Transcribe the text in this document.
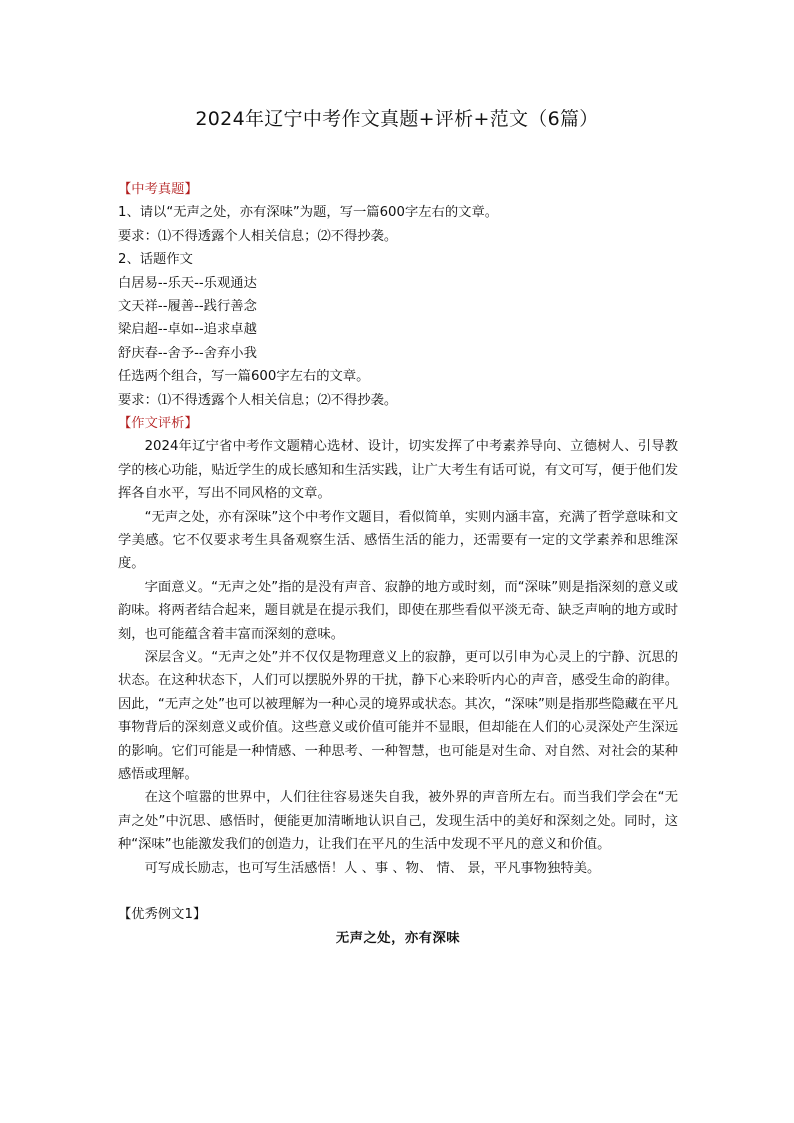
2024年辽宁中考作文真题+评析+范文（6篇）
【中考真题】
1、请以“无声之处，亦有深味”为题，写一篇600字左右的文章。
要求：⑴不得透露个人相关信息；⑵不得抄袭。
2、话题作文
白居易--乐天--乐观通达
文天祥--履善--践行善念
梁启超--卓如--追求卓越
舒庆春--舍予--舍弃小我
任选两个组合，写一篇600字左右的文章。
要求：⑴不得透露个人相关信息；⑵不得抄袭。
【作文评析】

2024年辽宁省中考作文题精心选材、设计，切实发挥了中考素养导向、立德树人、引导教学的核心功能，贴近学生的成长感知和生活实践，让广大考生有话可说，有文可写，便于他们发挥各自水平，写出不同风格的文章。

“无声之处，亦有深味”这个中考作文题目，看似简单，实则内涵丰富，充满了哲学意味和文学美感。它不仅要求考生具备观察生活、感悟生活的能力，还需要有一定的文学素养和思维深度。

字面意义。“无声之处”指的是没有声音、寂静的地方或时刻，而“深味”则是指深刻的意义或韵味。将两者结合起来，题目就是在提示我们，即使在那些看似平淡无奇、缺乏声响的地方或时刻，也可能蕴含着丰富而深刻的意味。

深层含义。“无声之处”并不仅仅是物理意义上的寂静，更可以引申为心灵上的宁静、沉思的状态。在这种状态下，人们可以摆脱外界的干扰，静下心来聆听内心的声音，感受生命的韵律。因此，“无声之处”也可以被理解为一种心灵的境界或状态。其次，“深味”则是指那些隐藏在平凡事物背后的深刻意义或价值。这些意义或价值可能并不显眼，但却能在人们的心灵深处产生深远的影响。它们可能是一种情感、一种思考、一种智慧，也可能是对生命、对自然、对社会的某种感悟或理解。

在这个喧嚣的世界中，人们往往容易迷失自我，被外界的声音所左右。而当我们学会在“无声之处”中沉思、感悟时，便能更加清晰地认识自己，发现生活中的美好和深刻之处。同时，这种“深味”也能激发我们的创造力，让我们在平凡的生活中发现不平凡的意义和价值。

可写成长励志，也可写生活感悟！人 、事 、物、 情、 景，平凡事物独特美。

【优秀例文1】
无声之处，亦有深味
